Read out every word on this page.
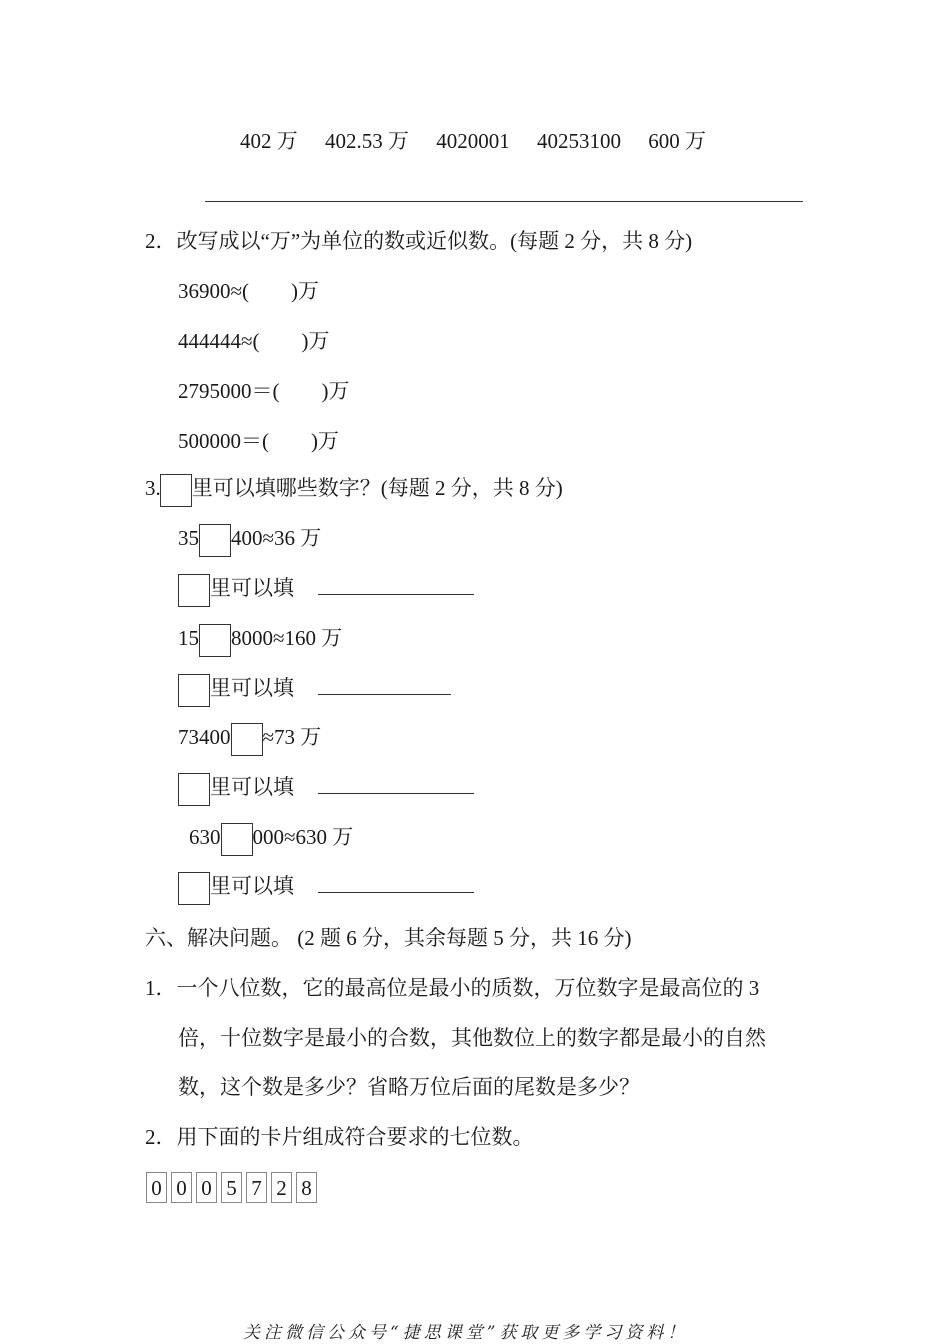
402 万 402.53 万 4020001 40253100 600 万
2．改写成以“万”为单位的数或近似数。(每题 2 分，共 8 分)
36900≈( )万
444444≈( )万
2795000＝( )万
500000＝( )万
3. 里可以填哪些数字？(每题 2 分，共 8 分)
35 400≈36 万
里可以填
15 8000≈160 万
里可以填
73400 ≈73 万
里可以填
630 000≈630 万
里可以填
六、解决问题。 (2 题 6 分，其余每题 5 分，共 16 分)
1．一个八位数，它的最高位是最小的质数，万位数字是最高位的 3
倍，十位数字是最小的合数，其他数位上的数字都是最小的自然
数，这个数是多少？省略万位后面的尾数是多少？
2．用下面的卡片组成符合要求的七位数。
0 0 0 5 7 2 8
关注微信公众号“捷思课堂”获取更多学习资料！
